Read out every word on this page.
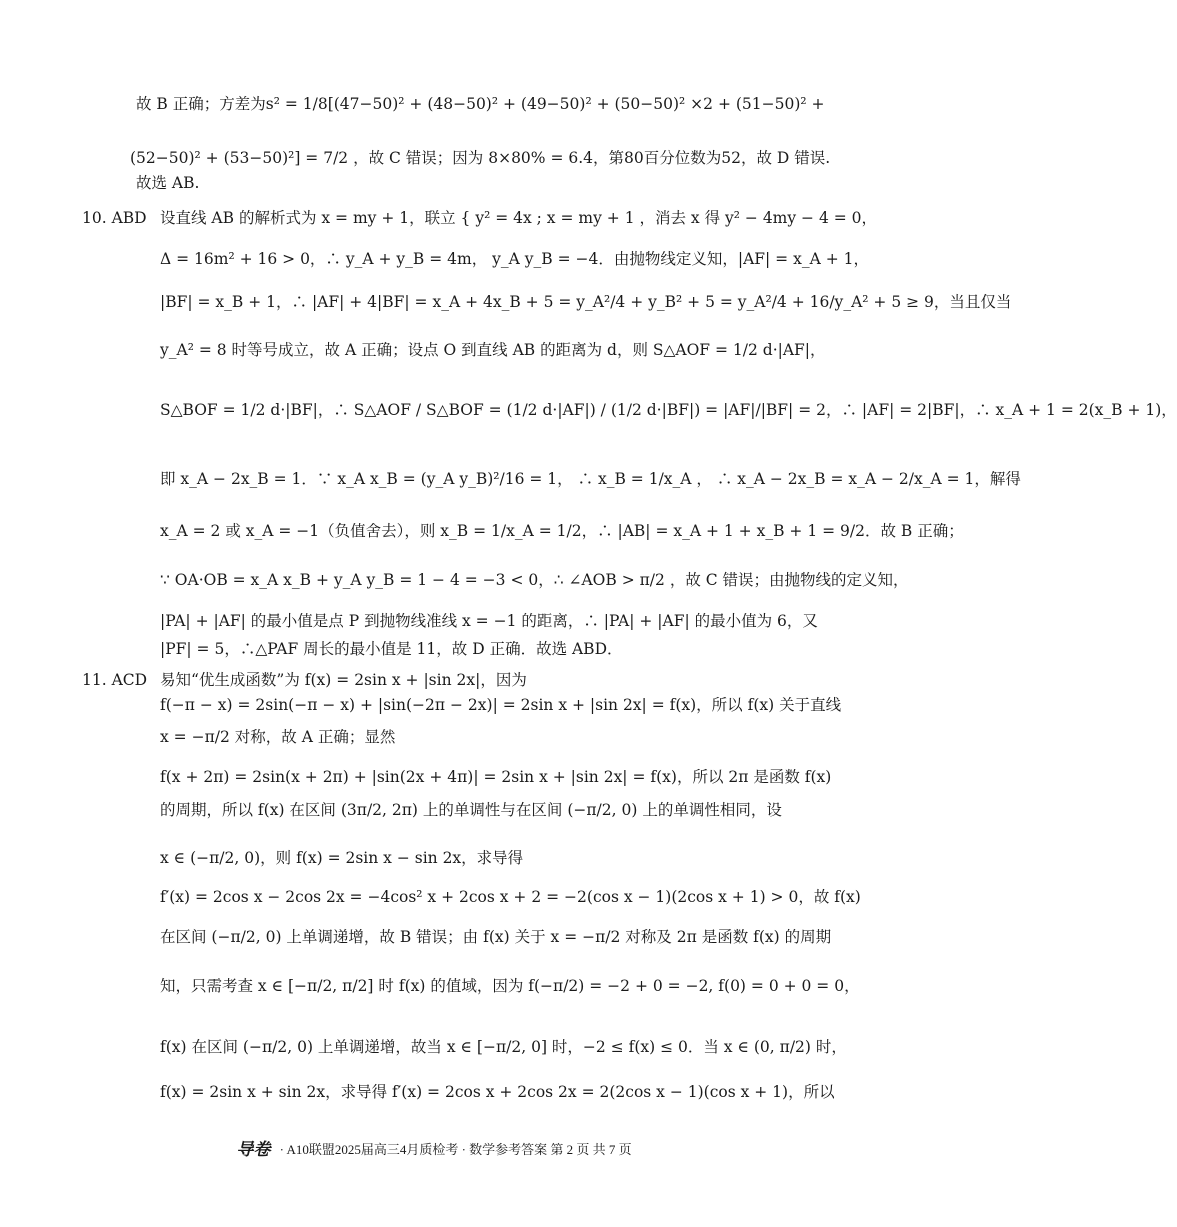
故 B 正确；方差为s² = 1/8[(47−50)² + (48−50)² + (49−50)² + (50−50)² ×2 + (51−50)² +
(52−50)² + (53−50)²] = 7/2 ，故 C 错误；因为 8×80% = 6.4，第80百分位数为52，故 D 错误.
故选 AB.
设直线 AB 的解析式为 x = my + 1，联立 { y² = 4x ; x = my + 1 ，消去 x 得 y² − 4my − 4 = 0，
Δ = 16m² + 16 > 0，∴ y_A + y_B = 4m， y_A y_B = −4．由抛物线定义知，|AF| = x_A + 1，
|BF| = x_B + 1，∴ |AF| + 4|BF| = x_A + 4x_B + 5 = y_A²/4 + y_B² + 5 = y_A²/4 + 16/y_A² + 5 ≥ 9，当且仅当
y_A² = 8 时等号成立，故 A 正确；设点 O 到直线 AB 的距离为 d，则 S△AOF = 1/2 d·|AF|，
S△BOF = 1/2 d·|BF|，∴ S△AOF / S△BOF = (1/2 d·|AF|) / (1/2 d·|BF|) = |AF|/|BF| = 2，∴ |AF| = 2|BF|，∴ x_A + 1 = 2(x_B + 1)，
即 x_A − 2x_B = 1．∵ x_A x_B = (y_A y_B)²/16 = 1， ∴ x_B = 1/x_A ， ∴ x_A − 2x_B = x_A − 2/x_A = 1，解得
x_A = 2 或 x_A = −1（负值舍去），则 x_B = 1/x_A = 1/2，∴ |AB| = x_A + 1 + x_B + 1 = 9/2．故 B 正确；
∵ OA·OB = x_A x_B + y_A y_B = 1 − 4 = −3 < 0，∴ ∠AOB > π/2 ，故 C 错误；由抛物线的定义知，
|PA| + |AF| 的最小值是点 P 到抛物线准线 x = −1 的距离，∴ |PA| + |AF| 的最小值为 6，又
|PF| = 5，∴△PAF 周长的最小值是 11，故 D 正确．故选 ABD．
易知“优生成函数”为 f(x) = 2sin x + |sin 2x|，因为
f(−π − x) = 2sin(−π − x) + |sin(−2π − 2x)| = 2sin x + |sin 2x| = f(x)，所以 f(x) 关于直线
x = −π/2 对称，故 A 正确；显然
f(x + 2π) = 2sin(x + 2π) + |sin(2x + 4π)| = 2sin x + |sin 2x| = f(x)，所以 2π 是函数 f(x)
的周期，所以 f(x) 在区间 (3π/2, 2π) 上的单调性与在区间 (−π/2, 0) 上的单调性相同，设
x ∈ (−π/2, 0)，则 f(x) = 2sin x − sin 2x，求导得
f′(x) = 2cos x − 2cos 2x = −4cos² x + 2cos x + 2 = −2(cos x − 1)(2cos x + 1) > 0，故 f(x)
在区间 (−π/2, 0) 上单调递增，故 B 错误；由 f(x) 关于 x = −π/2 对称及 2π 是函数 f(x) 的周期
知，只需考查 x ∈ [−π/2, π/2] 时 f(x) 的值域，因为 f(−π/2) = −2 + 0 = −2, f(0) = 0 + 0 = 0，
f(x) 在区间 (−π/2, 0) 上单调递增，故当 x ∈ [−π/2, 0] 时，−2 ≤ f(x) ≤ 0．当 x ∈ (0, π/2) 时，
f(x) = 2sin x + sin 2x，求导得 f′(x) = 2cos x + 2cos 2x = 2(2cos x − 1)(cos x + 1)，所以
10. ABD
11. ACD
导卷 · A10联盟2025届高三4月质检考 · 数学参考答案 第 2 页 共 7 页
